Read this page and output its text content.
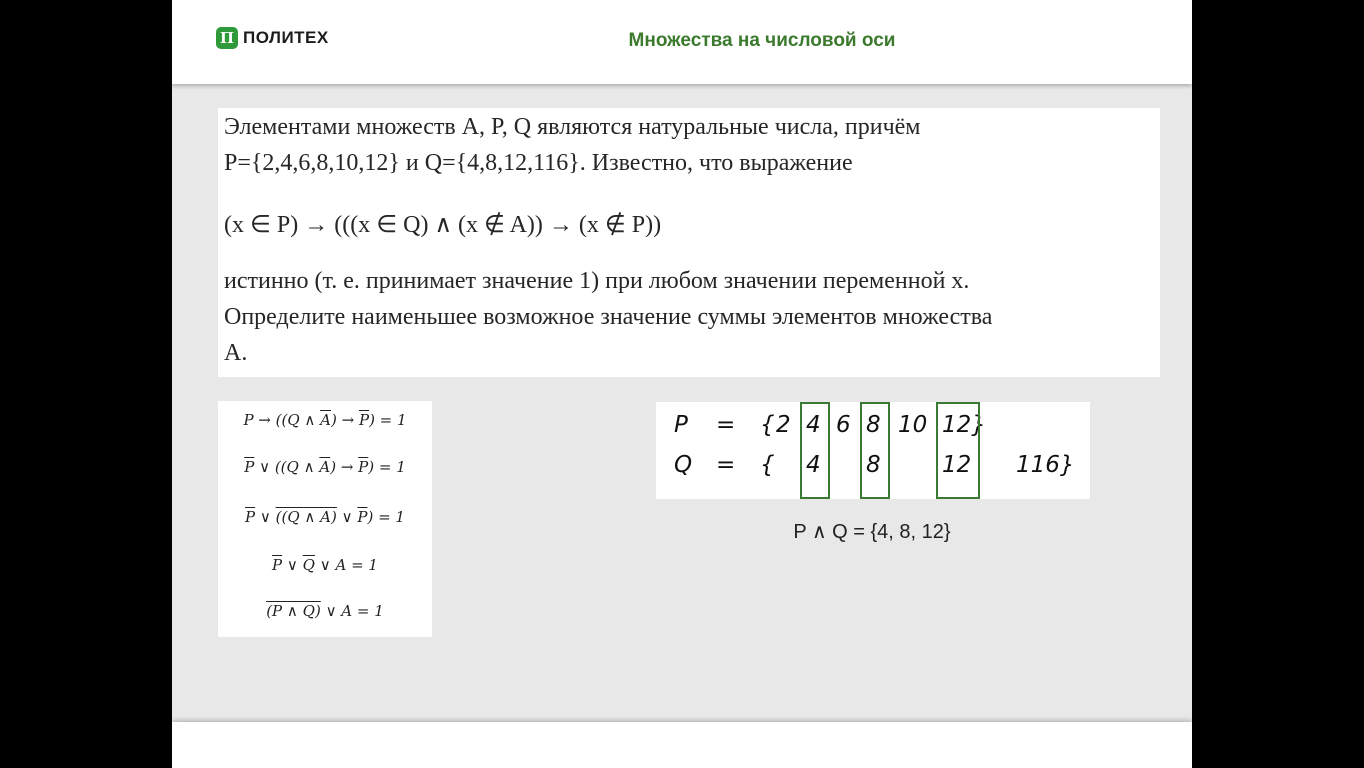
П ПОЛИТЕХ	Множества на числовой оси
Элементами множеств А, P, Q являются натуральные числа, причём
P={2,4,6,8,10,12} и Q={4,8,12,116}. Известно, что выражение
(x ∈ P) → (((x ∈ Q) ∧ (x ∉ A)) → (x ∉ P))
истинно (т. е. принимает значение 1) при любом значении переменной х.
Определите наименьшее возможное значение суммы элементов множества
А.
P → ((Q ∧ $\overline{A}) \to \overline{P}) = 1$
$\overline{P}$ ∨ ((Q ∧ $\overline{A}) \to \overline{P}) = 1$
$\overline{P}$ ∨ ((Q ∧ A) ∨ $\overline{P}) = 1$
$\overline{P}$ ∨ $\overline{Q}$ ∨ A = 1
(P ∧ Q) ∨ A = 1
P = { 2 4 6 8 10 12}
Q = { 4 8	12 116}
P ∧ Q = {4, 8, 12}
